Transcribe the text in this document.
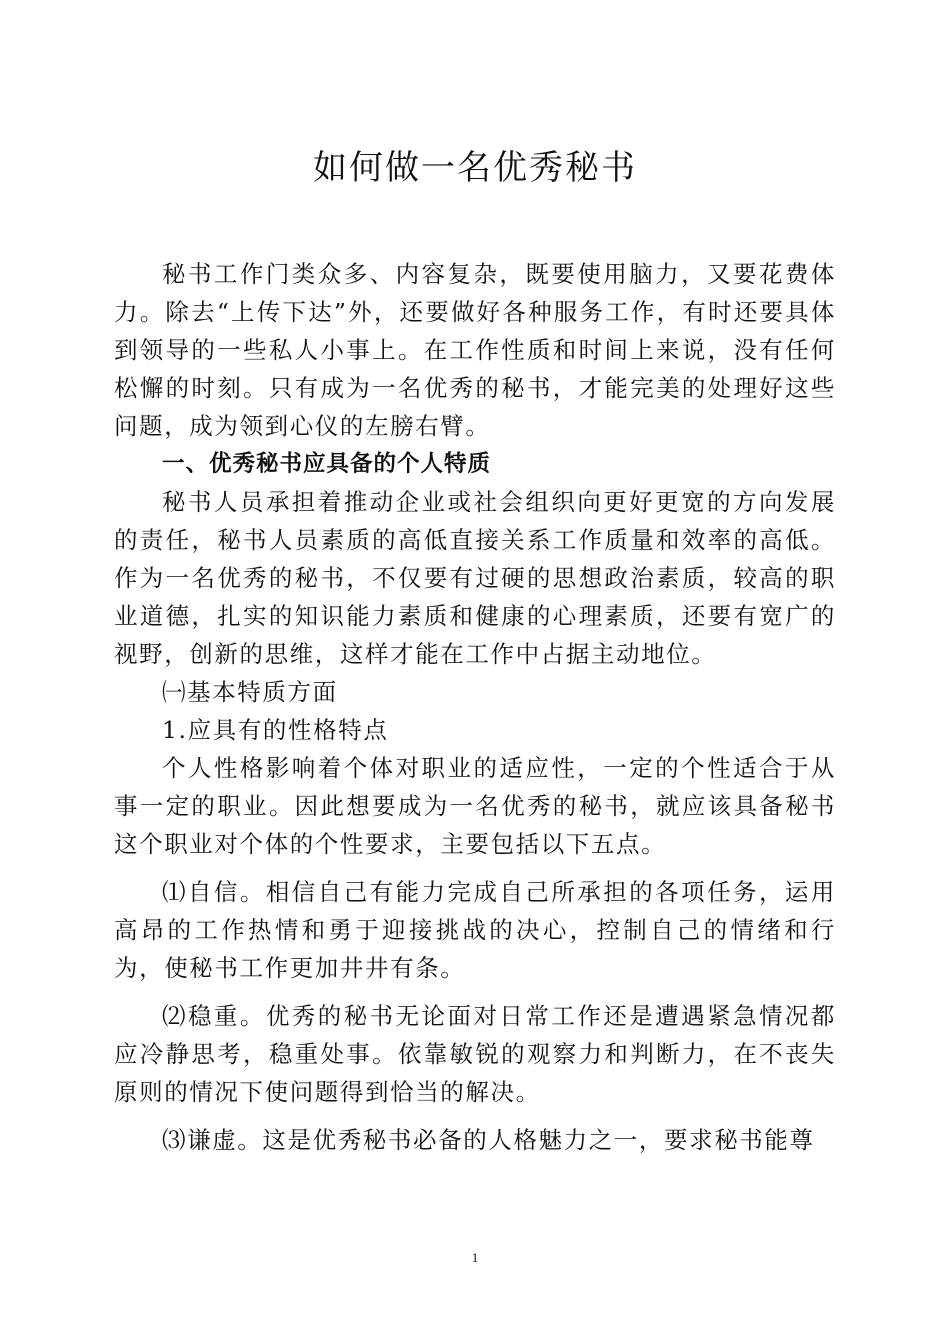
如何做一名优秀秘书

秘书工作门类众多、内容复杂，既要使用脑力，又要花费体力。除去“上传下达”外，还要做好各种服务工作，有时还要具体到领导的一些私人小事上。在工作性质和时间上来说，没有任何松懈的时刻。只有成为一名优秀的秘书，才能完美的处理好这些问题，成为领到心仪的左膀右臂。

一、优秀秘书应具备的个人特质

秘书人员承担着推动企业或社会组织向更好更宽的方向发展的责任，秘书人员素质的高低直接关系工作质量和效率的高低。作为一名优秀的秘书，不仅要有过硬的思想政治素质，较高的职业道德，扎实的知识能力素质和健康的心理素质，还要有宽广的视野，创新的思维，这样才能在工作中占据主动地位。

㈠基本特质方面

1.应具有的性格特点

个人性格影响着个体对职业的适应性，一定的个性适合于从事一定的职业。因此想要成为一名优秀的秘书，就应该具备秘书这个职业对个体的个性要求，主要包括以下五点。

⑴自信。相信自己有能力完成自己所承担的各项任务，运用高昂的工作热情和勇于迎接挑战的决心，控制自己的情绪和行为，使秘书工作更加井井有条。

⑵稳重。优秀的秘书无论面对日常工作还是遭遇紧急情况都应冷静思考，稳重处事。依靠敏锐的观察力和判断力，在不丧失原则的情况下使问题得到恰当的解决。

⑶谦虚。这是优秀秘书必备的人格魅力之一，要求秘书能尊

1
